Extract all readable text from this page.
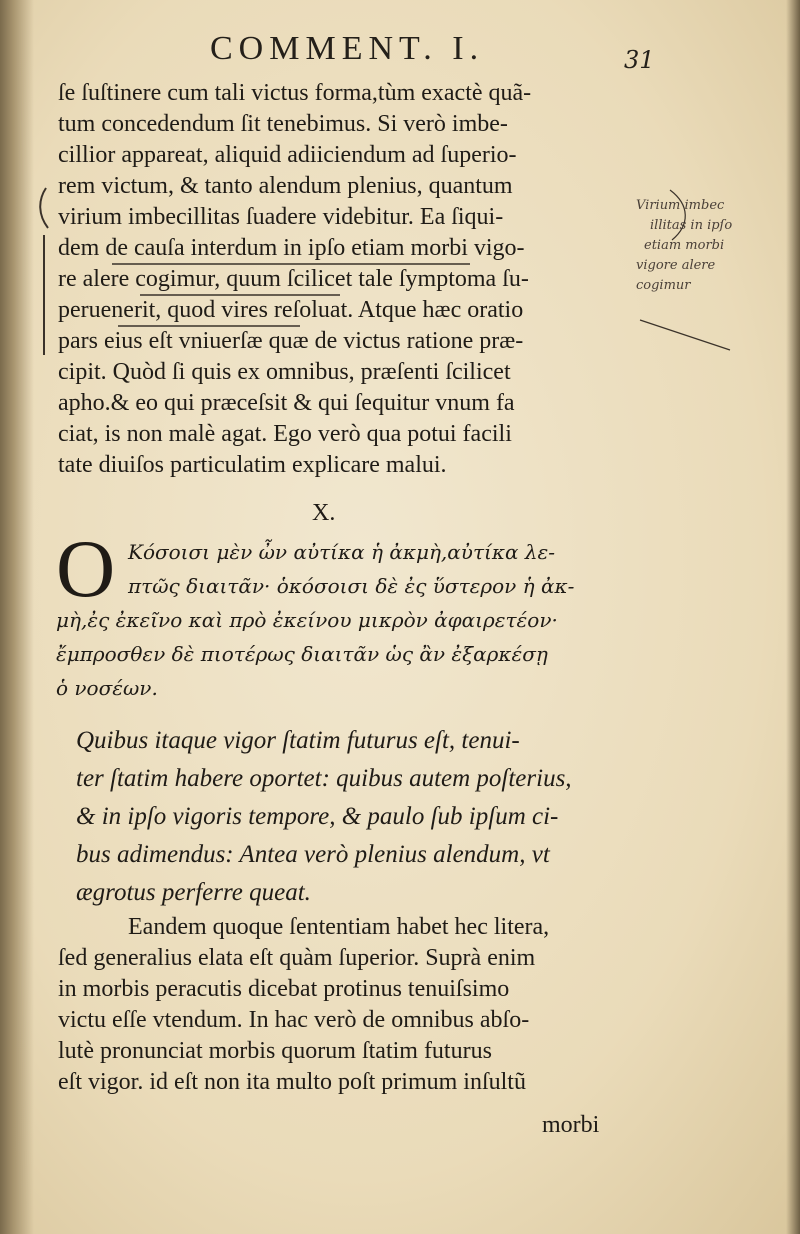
COMMENT. I.	31
ſe ſuſtinere cum tali victus forma,tùm exactè quã-
tum concedendum ſit tenebimus. Si verò imbe-
cillior appareat, aliquid adiiciendum ad ſuperio-
rem victum, & tanto alendum plenius, quantum
virium imbecillitas ſuadere videbitur. Ea ſiqui-
dem de cauſa interdum in ipſo etiam morbi vigo-
re alere cogimur, quum ſcilicet tale ſymptoma ſu-
peruenerit, quod vires reſoluat. Atque hæc oratio
pars eius eſt vniuerſæ quæ de victus ratione præ-
cipit. Quòd ſi quis ex omnibus, præſenti ſcilicet
apho.& eo qui præceſsit & qui ſequitur vnum fa
ciat, is non malè agat. Ego verò qua potui facili
tate diuiſos particulatim explicare malui.
X.
O Κόσοισι μὲν ὦν αὐτίκα ἡ ἀκμὴ,αὐτίκα λε-
πτῶς διαιτᾶν· ὁκόσοισι δὲ ἐς ὕστερον ἡ ἀκ-
μὴ,ἐς ἐκεῖνο καὶ πρὸ ἐκείνου μικρὸν ἀφαιρετέον·
ἔμπροσθεν δὲ πιοτέρως διαιτᾶν ὡς ἂν ἐξαρκέσῃ
ὁ νοσέων.
Quibus itaque vigor ſtatim futurus eſt, tenui-
ter ſtatim habere oportet: quibus autem poſterius,
& in ipſo vigoris tempore, & paulo ſub ipſum ci-
bus adimendus: Antea verò plenius alendum, vt
ægrotus perferre queat.
Eandem quoque ſententiam habet hec litera,
ſed generalius elata eſt quàm ſuperior. Suprà enim
in morbis peracutis dicebat protinus tenuiſsimo
victu eſſe vtendum. In hac verò de omnibus abſo-
lutè pronunciat morbis quorum ſtatim futurus
eſt vigor. id eſt non ita multo poſt primum inſultũ
morbi
Virium imbec
illitas in ipſo
etiam morbi
vigore alere
cogimur
